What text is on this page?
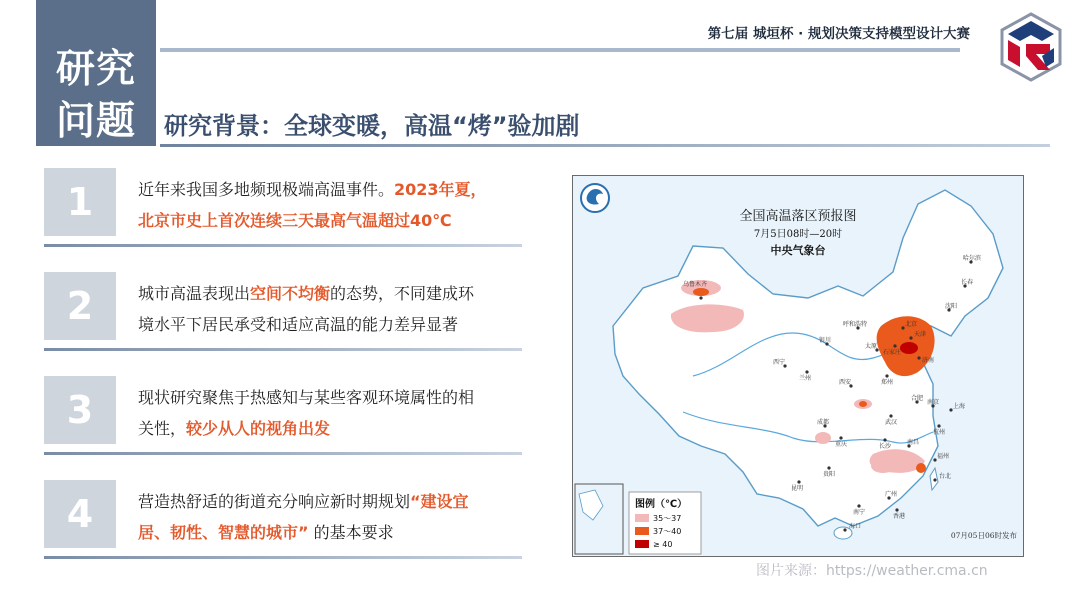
第七届 城垣杯 · 规划决策支持模型设计大赛
研究
问题	研究背景：全球变暖，高温“烤”验加剧
1	近年来我国多地频现极端高温事件。2023年夏，
北京市史上首次连续三天最高气温超过40℃
2	城市高温表现出空间不均衡的态势，不同建成环
境水平下居民承受和适应高温的能力差异显著
3	现状研究聚焦于热感知与某些客观环境属性的相
关性，较少从人的视角出发
4	营造热舒适的街道充分响应新时期规划“建设宜
居、韧性、智慧的城市” 的基本要求
全国高温落区预报图
7月5日08时—20时
中央气象台
哈尔滨
长春
沈阳
乌鲁木齐
呼和浩特	北京
天津
石家庄
太原
济南
银川
兰州
西宁
西安	郑州
合肥
南京
上海
武汉
杭州
成都
重庆	长沙
南昌
福州
贵阳
昆明
广州
南宁
海口
台北
香港
图例（℃）
35～37
37～40
≥ 40
07月05日06时发布
图片来源：https://weather.cma.cn
